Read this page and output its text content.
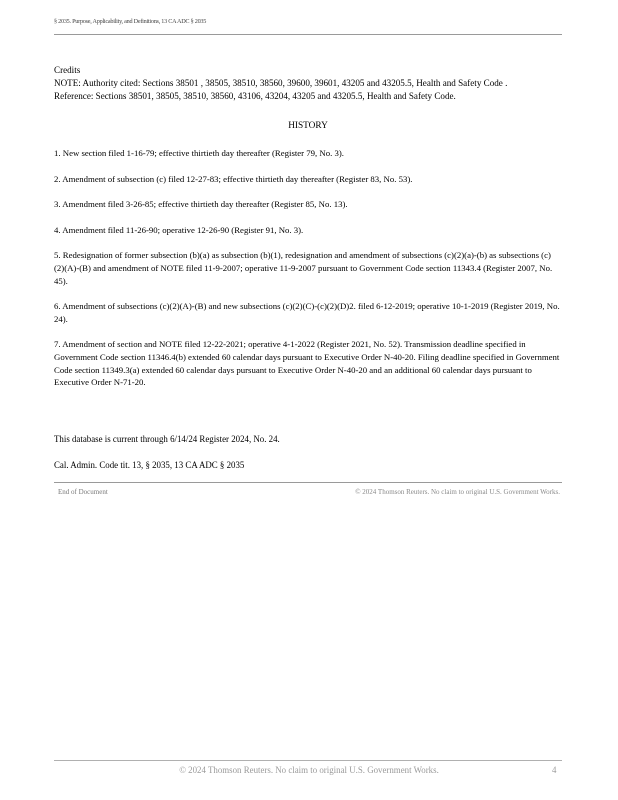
§ 2035. Purpose, Applicability, and Definitions, 13 CA ADC § 2035
Credits
NOTE: Authority cited: Sections 38501 , 38505, 38510, 38560, 39600, 39601, 43205 and 43205.5, Health and Safety Code .
Reference: Sections 38501, 38505, 38510, 38560, 43106, 43204, 43205 and 43205.5, Health and Safety Code.
HISTORY
1. New section filed 1-16-79; effective thirtieth day thereafter (Register 79, No. 3).
2. Amendment of subsection (c) filed 12-27-83; effective thirtieth day thereafter (Register 83, No. 53).
3. Amendment filed 3-26-85; effective thirtieth day thereafter (Register 85, No. 13).
4. Amendment filed 11-26-90; operative 12-26-90 (Register 91, No. 3).
5. Redesignation of former subsection (b)(a) as subsection (b)(1), redesignation and amendment of subsections (c)(2)(a)-(b) as subsections (c)(2)(A)-(B) and amendment of NOTE filed 11-9-2007; operative 11-9-2007 pursuant to Government Code section 11343.4 (Register 2007, No. 45).
6. Amendment of subsections (c)(2)(A)-(B) and new subsections (c)(2)(C)-(c)(2)(D)2. filed 6-12-2019; operative 10-1-2019 (Register 2019, No. 24).
7. Amendment of section and NOTE filed 12-22-2021; operative 4-1-2022 (Register 2021, No. 52). Transmission deadline specified in Government Code section 11346.4(b) extended 60 calendar days pursuant to Executive Order N-40-20. Filing deadline specified in Government Code section 11349.3(a) extended 60 calendar days pursuant to Executive Order N-40-20 and an additional 60 calendar days pursuant to Executive Order N-71-20.
This database is current through 6/14/24 Register 2024, No. 24.
Cal. Admin. Code tit. 13, § 2035, 13 CA ADC § 2035
End of Document	© 2024 Thomson Reuters. No claim to original U.S. Government Works.
© 2024 Thomson Reuters. No claim to original U.S. Government Works.	4
